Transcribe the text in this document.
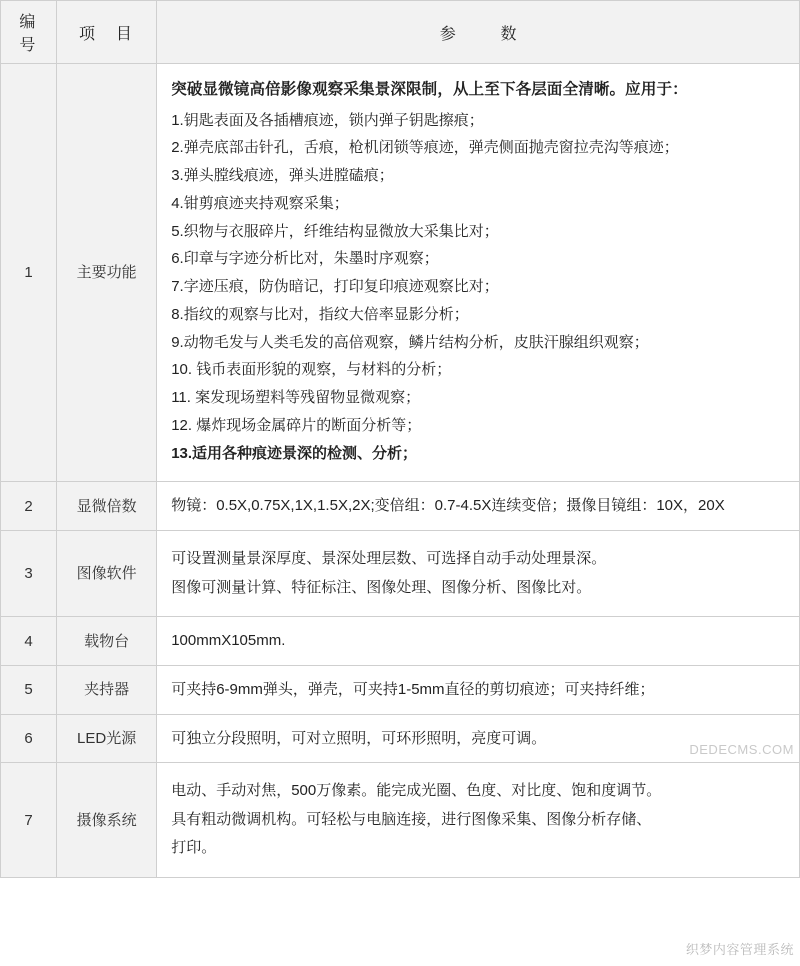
编　号	项　目	参　数
1	主要功能	
突破显微镜高倍影像观察采集景深限制，从上至下各层面全清晰。应用于：
1.钥匙表面及各插槽痕迹，锁内弹子钥匙擦痕；
2.弹壳底部击针孔，舌痕，枪机闭锁等痕迹，弹壳侧面抛壳窗拉壳沟等痕迹；
3.弹头膛线痕迹，弹头进膛磕痕；
4.钳剪痕迹夹持观察采集；
5.织物与衣服碎片，纤维结构显微放大采集比对；
6.印章与字迹分析比对，朱墨时序观察；
7.字迹压痕，防伪暗记，打印复印痕迹观察比对；
8.指纹的观察与比对，指纹大倍率显影分析；
9.动物毛发与人类毛发的高倍观察，鳞片结构分析，皮肤汗腺组织观察；
10. 钱币表面形貌的观察，与材料的分析；
11. 案发现场塑料等残留物显微观察；
12. 爆炸现场金属碎片的断面分析等；
13.适用各种痕迹景深的检测、分析；

2	显微倍数	物镜：0.5X,0.75X,1X,1.5X,2X;变倍组：0.7-4.5X连续变倍；摄像目镜组：10X，20X

3	图像软件	可设置测量景深厚度、景深处理层数、可选择自动手动处理景深。
图像可测量计算、特征标注、图像处理、图像分析、图像比对。

4	载物台	100mmX105mm.

5	夹持器	可夹持6-9mm弹头，弹壳，可夹持1-5mm直径的剪切痕迹；可夹持纤维；

6	LED光源	可独立分段照明，可对立照明，可环形照明，亮度可调。

7	摄像系统	电动、手动对焦，500万像素。能完成光圈、色度、对比度、饱和度调节。
具有粗动微调机构。可轻松与电脑连接，进行图像采集、图像分析存储、
打印。
DEDECMS.COM
织梦内容管理系统
